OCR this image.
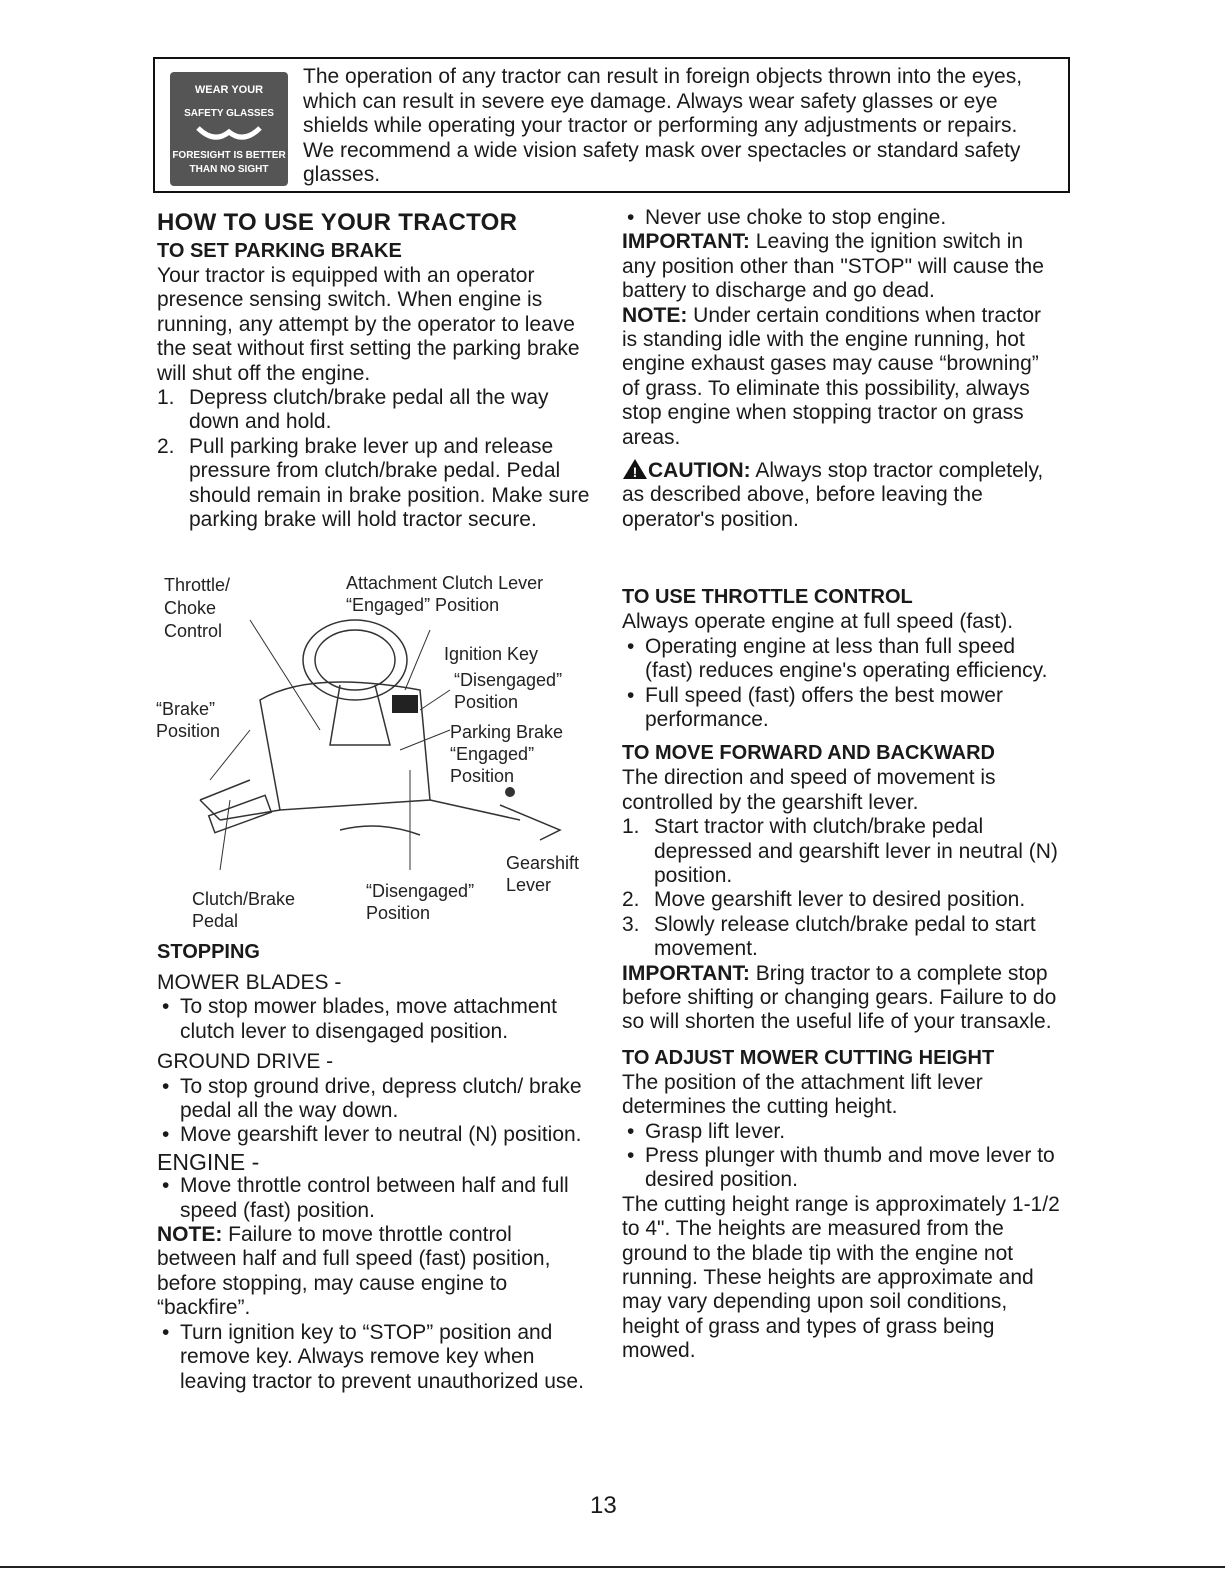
WEAR YOUR
SAFETY GLASSES
FORESIGHT IS BETTER
THAN NO SIGHT
The operation of any tractor can result in foreign objects thrown into the eyes, which can result in severe eye damage. Always wear safety glasses or eye shields while operating your tractor or performing any adjustments or repairs. We recommend a wide vision safety mask over spectacles or standard safety glasses.
HOW TO USE YOUR TRACTOR
TO SET PARKING BRAKE

Your tractor is equipped with an operator presence sensing switch. When engine is running, any attempt by the operator to leave the seat without first setting the parking brake will shut off the engine.

1. Depress clutch/brake pedal all the way down and hold.
2. Pull parking brake lever up and release pressure from clutch/brake pedal. Pedal should remain in brake position. Make sure parking brake will hold tractor secure.
Throttle/ Choke Control
Attachment Clutch Lever
“Engaged” Position
Ignition Key
“Disengaged”
Position
“Brake”
Position	Parking Brake
“Engaged”
Position
Gearshift
Lever
“Disengaged”
Position
Clutch/Brake
Pedal
STOPPING

MOWER BLADES -

• To stop mower blades, move attachment clutch lever to disengaged position.

GROUND DRIVE -

• To stop ground drive, depress clutch/ brake pedal all the way down.
• Move gearshift lever to neutral (N) position.

ENGINE -

• Move throttle control between half and full speed (fast) position.

NOTE: Failure to move throttle control between half and full speed (fast) position, before stopping, may cause engine to “backfire”.

• Turn ignition key to “STOP” position and remove key. Always remove key when leaving tractor to prevent unauthorized use.
• Never use choke to stop engine.

IMPORTANT: Leaving the ignition switch in any position other than "STOP" will cause the battery to discharge and go dead.

NOTE: Under certain conditions when tractor is standing idle with the engine running, hot engine exhaust gases may cause “browning” of grass. To eliminate this possibility, always stop engine when stopping tractor on grass areas.

! CAUTION: Always stop tractor completely, as described above, before leaving the operator's position.

TO USE THROTTLE CONTROL

Always operate engine at full speed (fast).

• Operating engine at less than full speed (fast) reduces engine's operating efficiency.
• Full speed (fast) offers the best mower performance.
TO MOVE FORWARD AND BACKWARD

The direction and speed of movement is controlled by the gearshift lever.

1. Start tractor with clutch/brake pedal depressed and gearshift lever in neutral (N) position.
2. Move gearshift lever to desired position.
3. Slowly release clutch/brake pedal to start movement.

IMPORTANT: Bring tractor to a complete stop before shifting or changing gears. Failure to do so will shorten the useful life of your transaxle.

TO ADJUST MOWER CUTTING HEIGHT

The position of the attachment lift lever determines the cutting height.

• Grasp lift lever.
• Press plunger with thumb and move lever to desired position.

The cutting height range is approximately 1-1/2 to 4". The heights are measured from the ground to the blade tip with the engine not running. These heights are approximate and may vary depending upon soil conditions, height of grass and types of grass being mowed.

13
